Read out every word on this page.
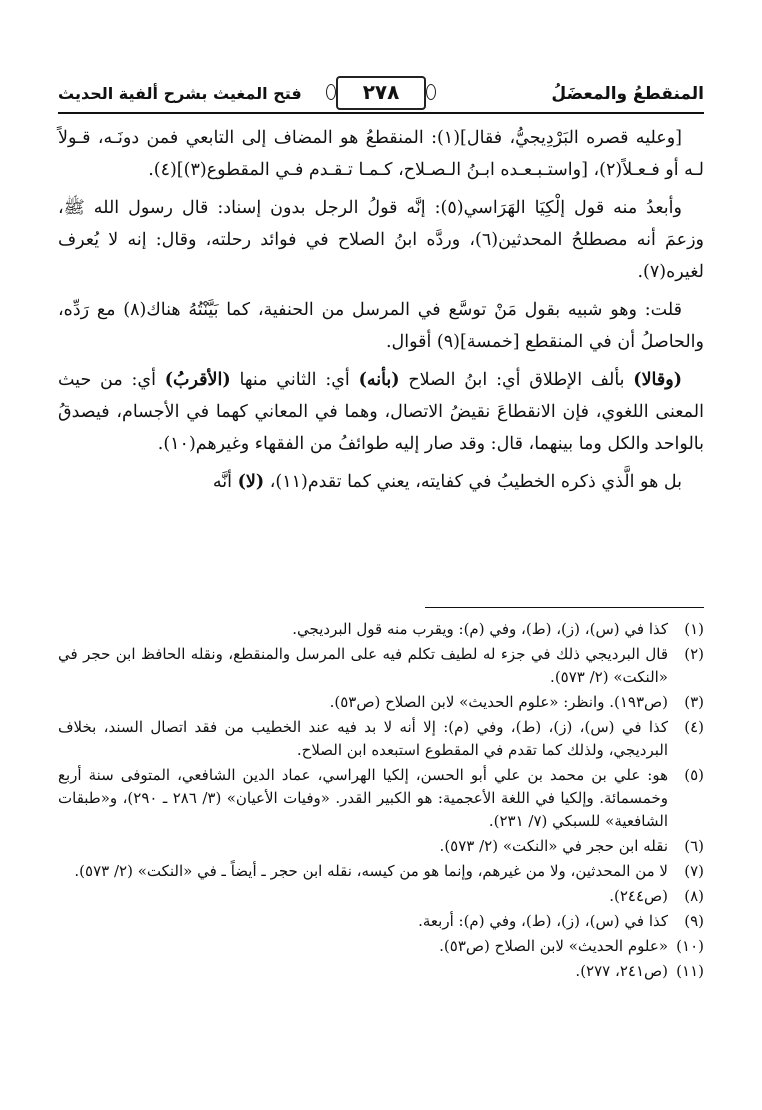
المنقطعُ والمعضَلُ
٢٧٨
فتح المغيث بشرح ألفية الحديث

[وعليه قصره البَرْدِيجيُّ، فقال](١): المنقطعُ هو المضاف إلى التابعي فمن دونَـه، قـولاً لـه أو فـعـلاً(٢)، [واستـبـعـده ابـنُ الـصـلاح، كـمـا تـقـدم فـي المقطوع(٣)](٤).

وأبعدُ منه قول إلْكِيَا الهَرَاسي(٥): إنَّه قولُ الرجل بدون إسناد: قال رسول الله ﷺ، وزعمَ أنه مصطلحُ المحدثين(٦)، وردَّه ابنُ الصلاح في فوائد رحلته، وقال: إنه لا يُعرف لغيره(٧).

قلت: وهو شبيه بقول مَنْ توسَّع في المرسل من الحنفية، كما بَيَّنْتُهُ هناك(٨) مع رَدِّه، والحاصلُ أن في المنقطع [خمسة](٩) أقوال.

(وقالا) بألف الإطلاق أي: ابنُ الصلاح (بأنه) أي: الثاني منها (الأقربُ) أي: من حيث المعنى اللغوي، فإن الانقطاعَ نقيضُ الاتصال، وهما في المعاني كهما في الأجسام، فيصدقُ بالواحد والكل وما بينهما، قال: وقد صار إليه طوائفُ من الفقهاء وغيرهم(١٠).

بل هو الَّذي ذكره الخطيبُ في كفايته، يعني كما تقدم(١١)، (لا) أنَّه

(١)
كذا في (س)، (ز)، (ط)، وفي (م): ويقرب منه قول البرديجي.
(٢)
قال البرديجي ذلك في جزء له لطيف تكلم فيه على المرسل والمنقطع، ونقله الحافظ ابن حجر في «النكت» (٢/ ٥٧٣).
(٣)
(ص١٩٣). وانظر: «علوم الحديث» لابن الصلاح (ص٥٣).
(٤)
كذا في (س)، (ز)، (ط)، وفي (م): إلا أنه لا بد فيه عند الخطيب من فقد اتصال السند، بخلاف البرديجي، ولذلك كما تقدم في المقطوع استبعده ابن الصلاح.
(٥)
هو: علي بن محمد بن علي أبو الحسن، إلكيا الهراسي، عماد الدين الشافعي، المتوفى سنة أربع وخمسمائة. وإلكيا في اللغة الأعجمية: هو الكبير القدر. «وفيات الأعيان» (٣/ ٢٨٦ ـ ٢٩٠)، و«طبقات الشافعية» للسبكي (٧/ ٢٣١).
(٦)
نقله ابن حجر في «النكت» (٢/ ٥٧٣).
(٧)
لا من المحدثين، ولا من غيرهم، وإنما هو من كيسه، نقله ابن حجر ـ أيضاً ـ في «النكت» (٢/ ٥٧٣).
(٨)
(ص٢٤٤).
(٩)
كذا في (س)، (ز)، (ط)، وفي (م): أربعة.
(١٠)
«علوم الحديث» لابن الصلاح (ص٥٣).
(١١)
(ص٢٤١، ٢٧٧).
